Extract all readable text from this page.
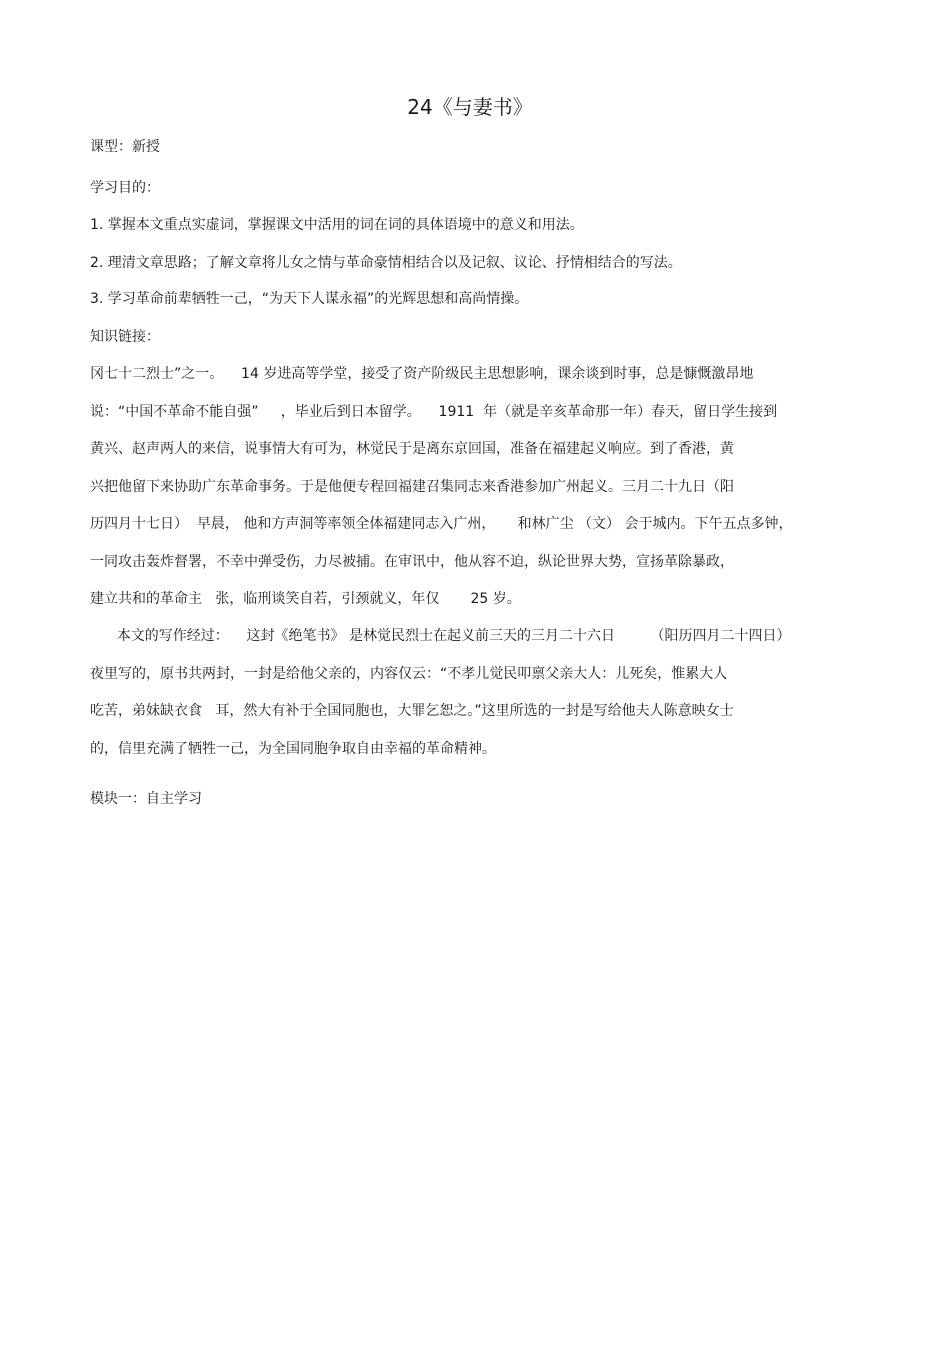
24《与妻书》
课型：新授
学习目的：
1. 掌握本文重点实虚词，掌握课文中活用的词在词的具体语境中的意义和用法。
2. 理清文章思路；了解文章将儿女之情与革命豪情相结合以及记叙、议论、抒情相结合的写法。
3. 学习革命前辈牺牲一己，“为天下人谋永福”的光辉思想和高尚情操。
知识链接：
冈七十二烈士”之一。    14 岁进高等学堂，接受了资产阶级民主思想影响，课余谈到时事，总是慷慨激昂地
说：“中国不革命不能自强”     ，毕业后到日本留学。    1911  年（就是辛亥革命那一年）春天，留日学生接到
黄兴、赵声两人的来信，说事情大有可为，林觉民于是离东京回国，准备在福建起义响应。到了香港，黄
兴把他留下来协助广东革命事务。于是他便专程回福建召集同志来香港参加广州起义。三月二十九日（阳
历四月十七日）  早晨， 他和方声洞等率领全体福建同志入广州，     和林广尘 （文） 会于城内。下午五点多钟，
一同攻击轰炸督署，不幸中弹受伤，力尽被捕。在审讯中，他从容不迫，纵论世界大势，宣扬革除暴政，
建立共和的革命主   张，临刑谈笑自若，引颈就义，年仅       25 岁。
本文的写作经过：    这封《绝笔书》 是林觉民烈士在起义前三天的三月二十六日        （阳历四月二十四日）
夜里写的，原书共两封，一封是给他父亲的，内容仅云：“不孝儿觉民叩禀父亲大人：儿死矣，惟累大人
吃苦，弟妹缺衣食   耳，然大有补于全国同胞也，大罪乞恕之。”这里所选的一封是写给他夫人陈意映女士
的，信里充满了牺牲一己，为全国同胞争取自由幸福的革命精神。
模块一：自主学习
